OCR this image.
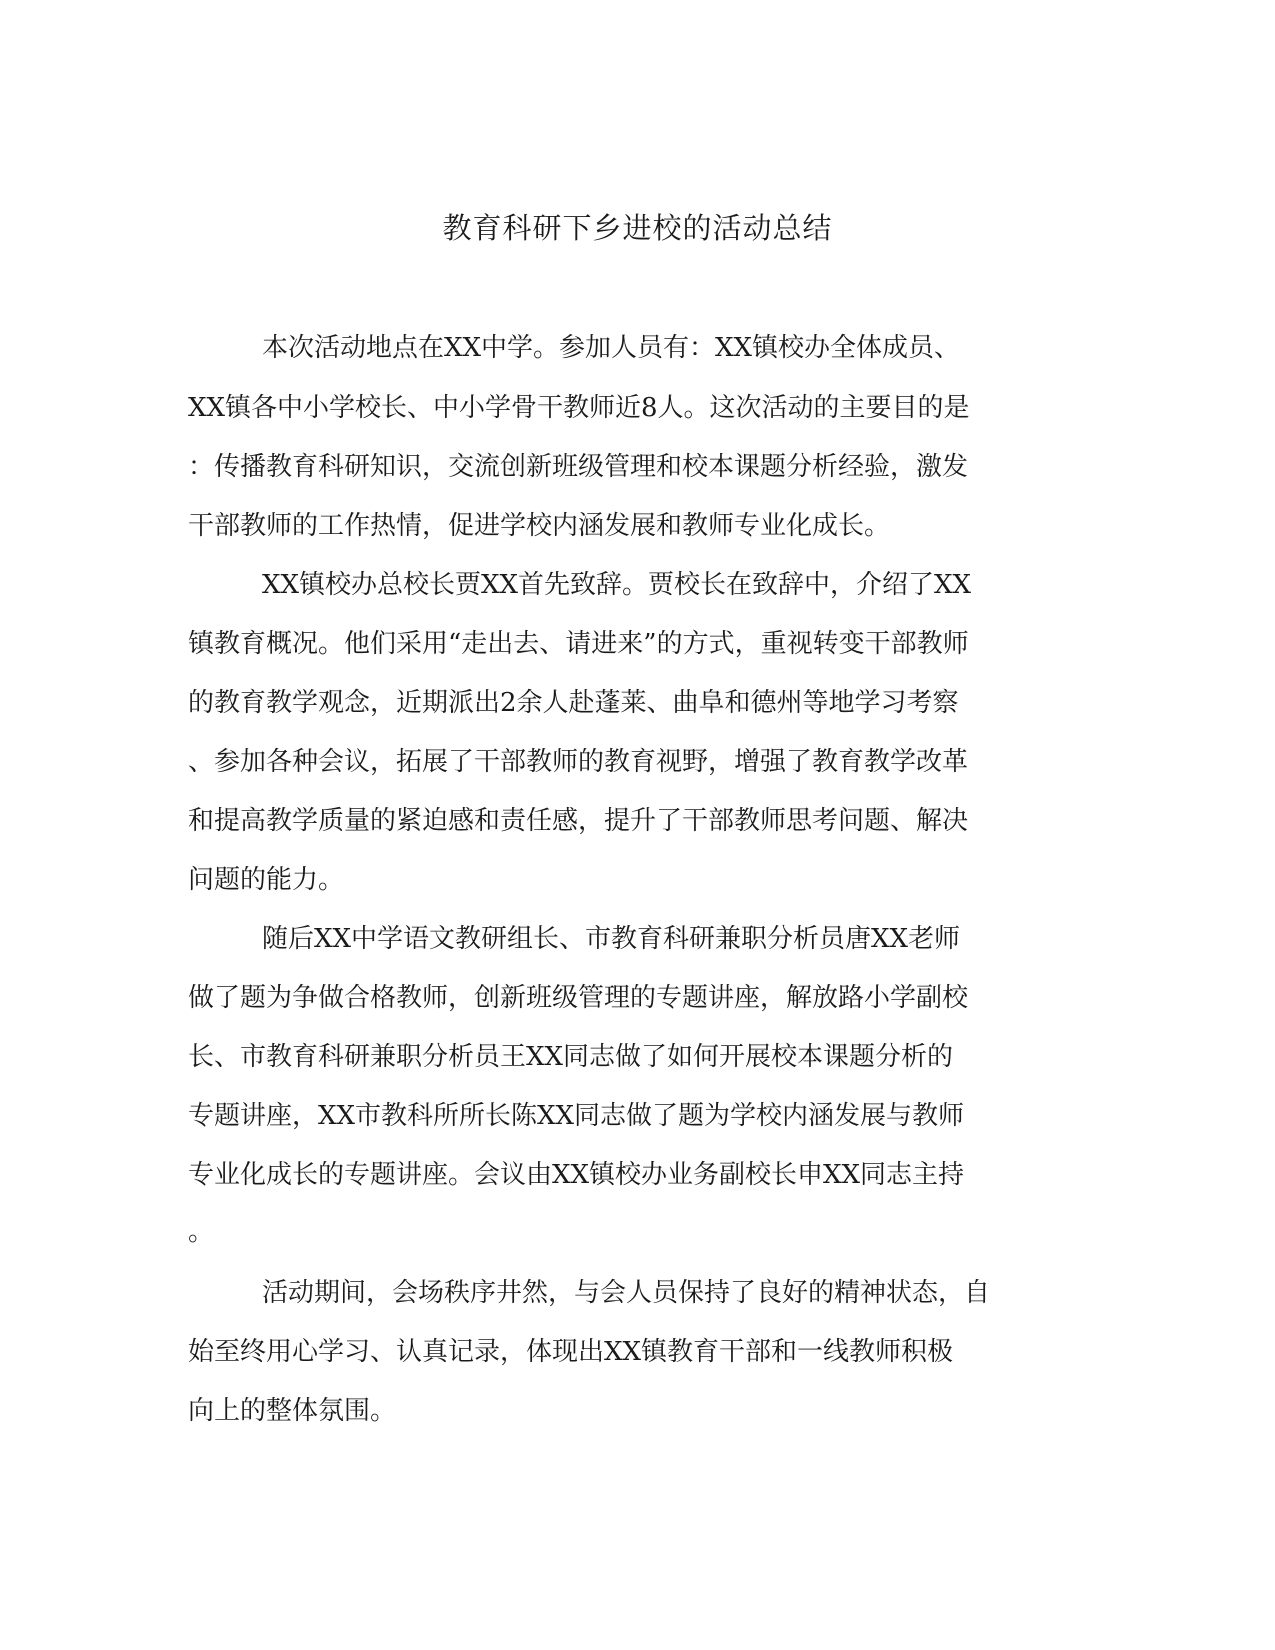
教育科研下乡进校的活动总结

本次活动地点在XX中学。参加人员有：XX镇校办全体成员、

XX镇各中小学校长、中小学骨干教师近8人。这次活动的主要目的是

：传播教育科研知识，交流创新班级管理和校本课题分析经验，激发

干部教师的工作热情，促进学校内涵发展和教师专业化成长。

XX镇校办总校长贾XX首先致辞。贾校长在致辞中，介绍了XX

镇教育概况。他们采用“走出去、请进来”的方式，重视转变干部教师

的教育教学观念，近期派出2余人赴蓬莱、曲阜和德州等地学习考察

、参加各种会议，拓展了干部教师的教育视野，增强了教育教学改革

和提高教学质量的紧迫感和责任感，提升了干部教师思考问题、解决

问题的能力。

随后XX中学语文教研组长、市教育科研兼职分析员唐XX老师

做了题为争做合格教师，创新班级管理的专题讲座，解放路小学副校

长、市教育科研兼职分析员王XX同志做了如何开展校本课题分析的

专题讲座，XX市教科所所长陈XX同志做了题为学校内涵发展与教师

专业化成长的专题讲座。会议由XX镇校办业务副校长申XX同志主持

。

活动期间，会场秩序井然，与会人员保持了良好的精神状态，自

始至终用心学习、认真记录，体现出XX镇教育干部和一线教师积极

向上的整体氛围。
